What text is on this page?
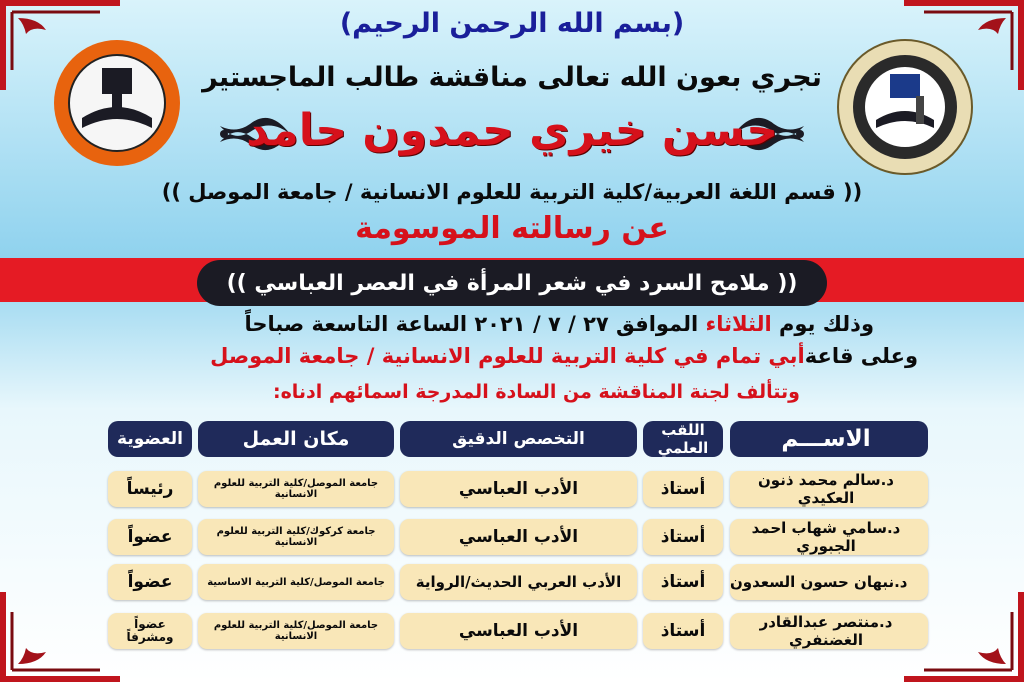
(بسم الله الرحمن الرحيم)
تجري بعون الله تعالى مناقشة طالب الماجستير
حسن خيري حمدون حامد
(( قسم اللغة العربية/كلية التربية للعلوم الانسانية / جامعة الموصل ))
عن رسالته الموسومة
(( ملامح السرد في شعر المرأة في العصر العباسي ))
وذلك يوم الثلاثاء الموافق ٢٧ / ٧ / ٢٠٢١ الساعة التاسعة صباحاً
وعلى قاعةأبي تمام في كلية التربية للعلوم الانسانية / جامعة الموصل
وتتألف لجنة المناقشة من السادة المدرجة اسمائهم ادناه:
الاســـم
اللقب العلمي
التخصص الدقيق
مكان العمل
العضوية
د.سالم محمد ذنون العكيدي
أستاذ
الأدب العباسي
جامعة الموصل/كلية التربية للعلوم الانسانية
رئيساً
د.سامي شهاب احمد الجبوري
أستاذ
الأدب العباسي
جامعة كركوك/كلية التربية للعلوم الانسانية
عضواً
د.نبهان حسون السعدون
أستاذ
الأدب العربي الحديث/الرواية
جامعة الموصل/كلية التربية الاساسية
عضواً
د.منتصر عبدالقادر الغضنفري
أستاذ
الأدب العباسي
جامعة الموصل/كلية التربية للعلوم الانسانية
عضواً
ومشرفاً
